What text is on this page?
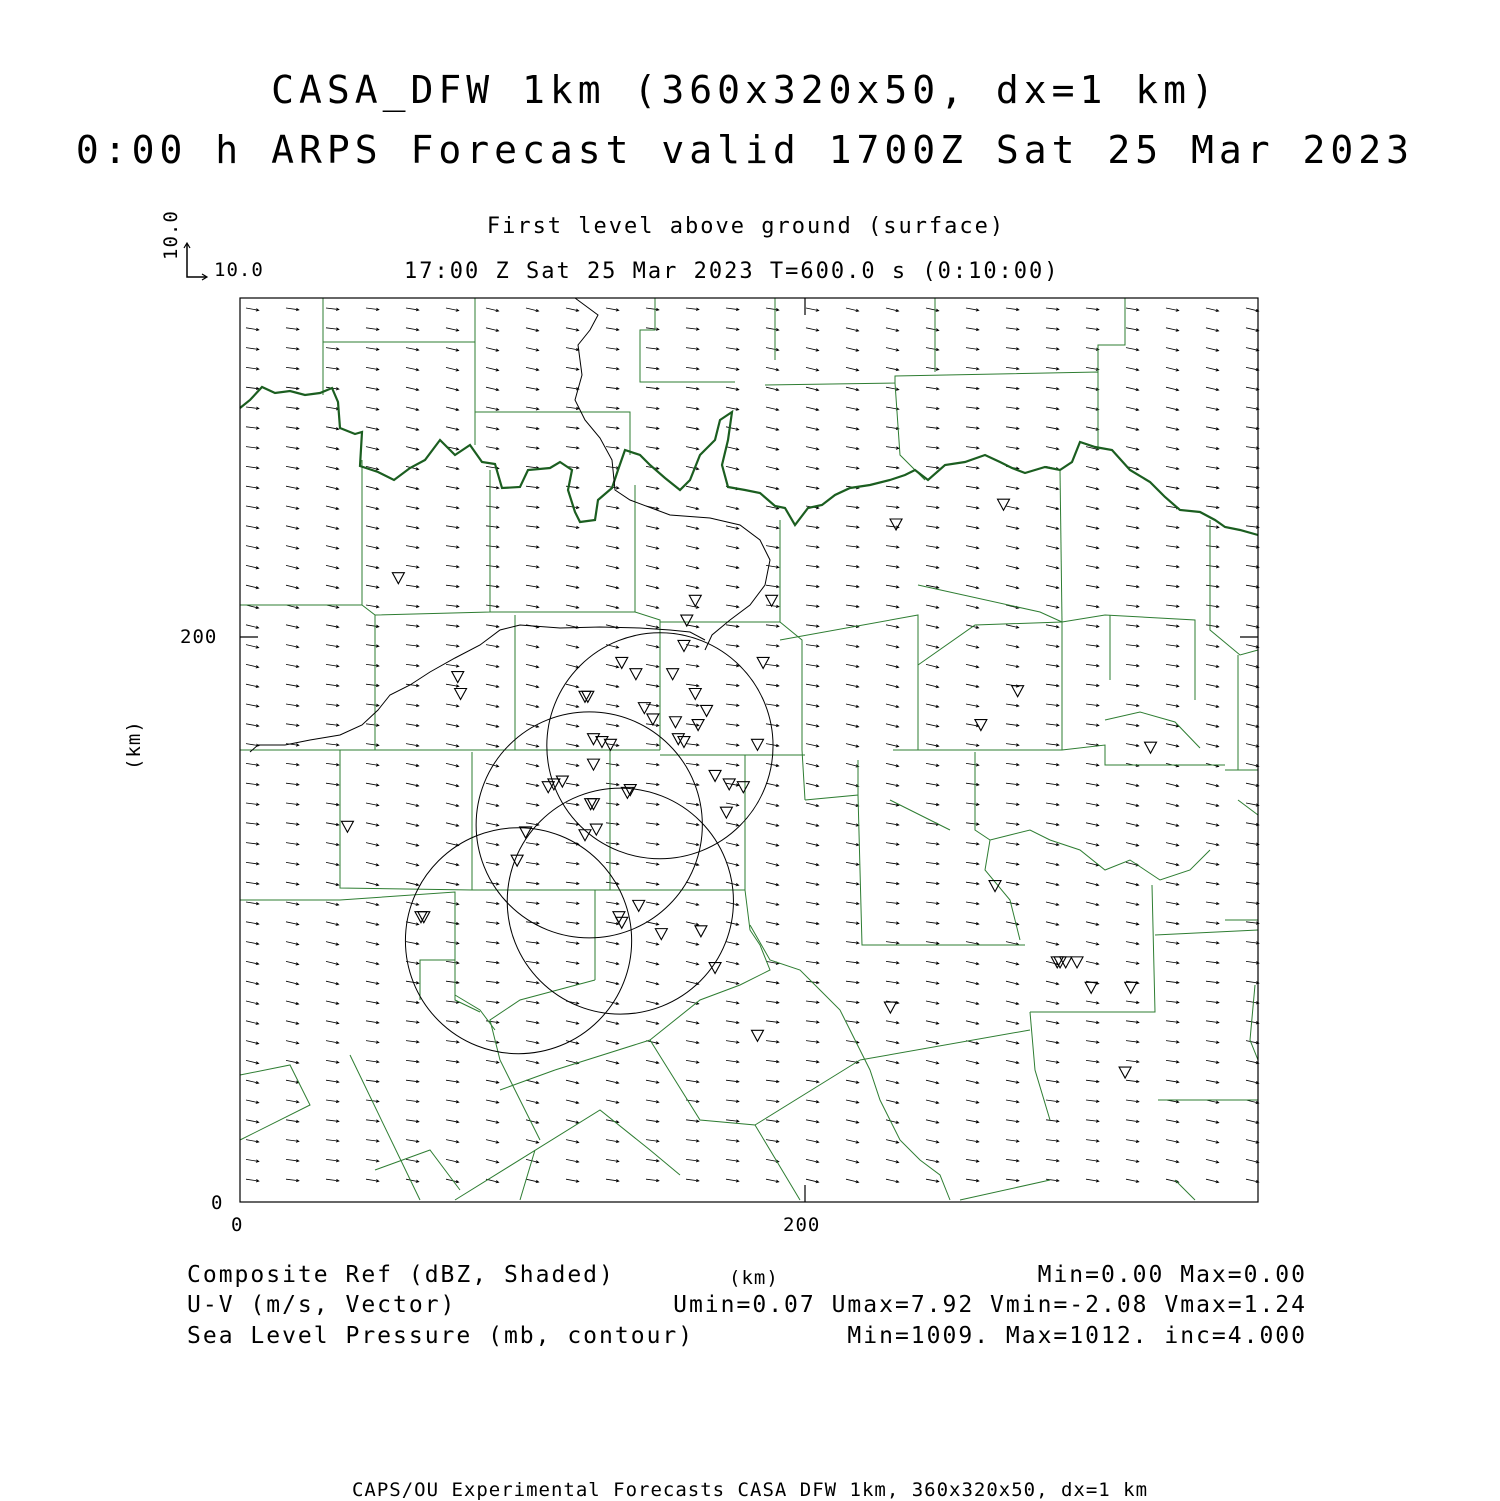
CASA_DFW 1km (360x320x50, dx=1 km)
0:00 h ARPS Forecast valid 1700Z Sat 25 Mar 2023
First level above ground (surface)
17:00 Z Sat 25 Mar 2023 T=600.0 s (0:10:00)
10.0
10.0
0
200
0	200
(km)
(km)
Composite Ref (dBZ, Shaded)	Min=0.00 Max=0.00
U-V (m/s, Vector)	Umin=0.07 Umax=7.92 Vmin=-2.08 Vmax=1.24
Sea Level Pressure (mb, contour)	Min=1009. Max=1012. inc=4.000
CAPS/OU Experimental Forecasts CASA DFW 1km, 360x320x50, dx=1 km
